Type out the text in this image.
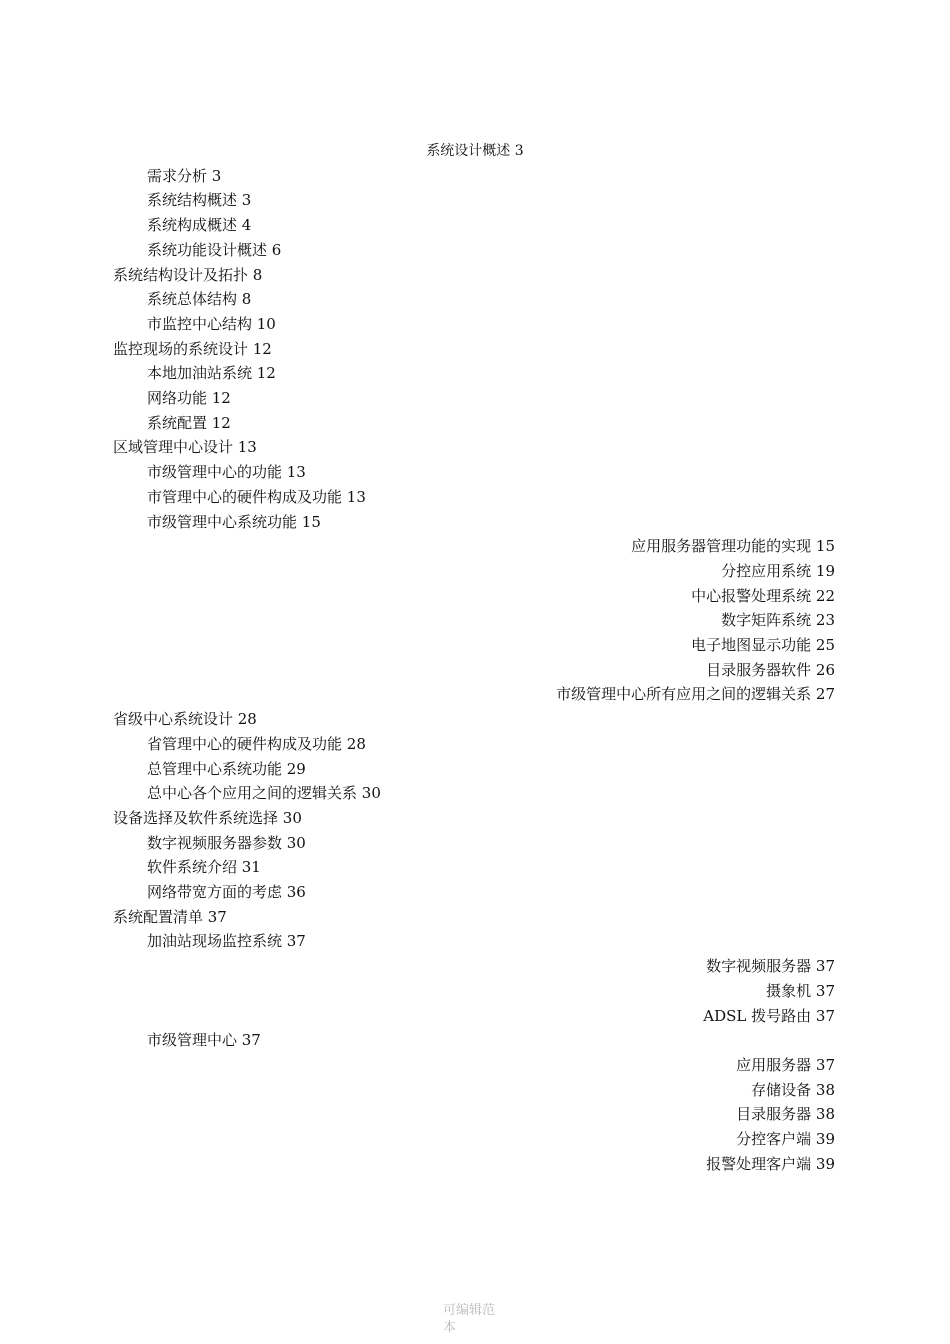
系统设计概述 3
需求分析 3
系统结构概述 3
系统构成概述 4
系统功能设计概述 6
系统结构设计及拓扑 8
系统总体结构 8
市监控中心结构 10
监控现场的系统设计 12
本地加油站系统 12
网络功能 12
系统配置 12
区域管理中心设计 13
市级管理中心的功能 13
市管理中心的硬件构成及功能 13
市级管理中心系统功能 15
应用服务器管理功能的实现 15
分控应用系统 19
中心报警处理系统 22
数字矩阵系统 23
电子地图显示功能 25
目录服务器软件 26
市级管理中心所有应用之间的逻辑关系 27
省级中心系统设计 28
省管理中心的硬件构成及功能 28
总管理中心系统功能 29
总中心各个应用之间的逻辑关系 30
设备选择及软件系统选择 30
数字视频服务器参数 30
软件系统介绍 31
网络带宽方面的考虑 36
系统配置清单 37
加油站现场监控系统 37
数字视频服务器 37
摄象机 37
ADSL 拨号路由 37
市级管理中心 37
应用服务器 37
存储设备 38
目录服务器 38
分控客户端 39
报警处理客户端 39
可编辑范本
